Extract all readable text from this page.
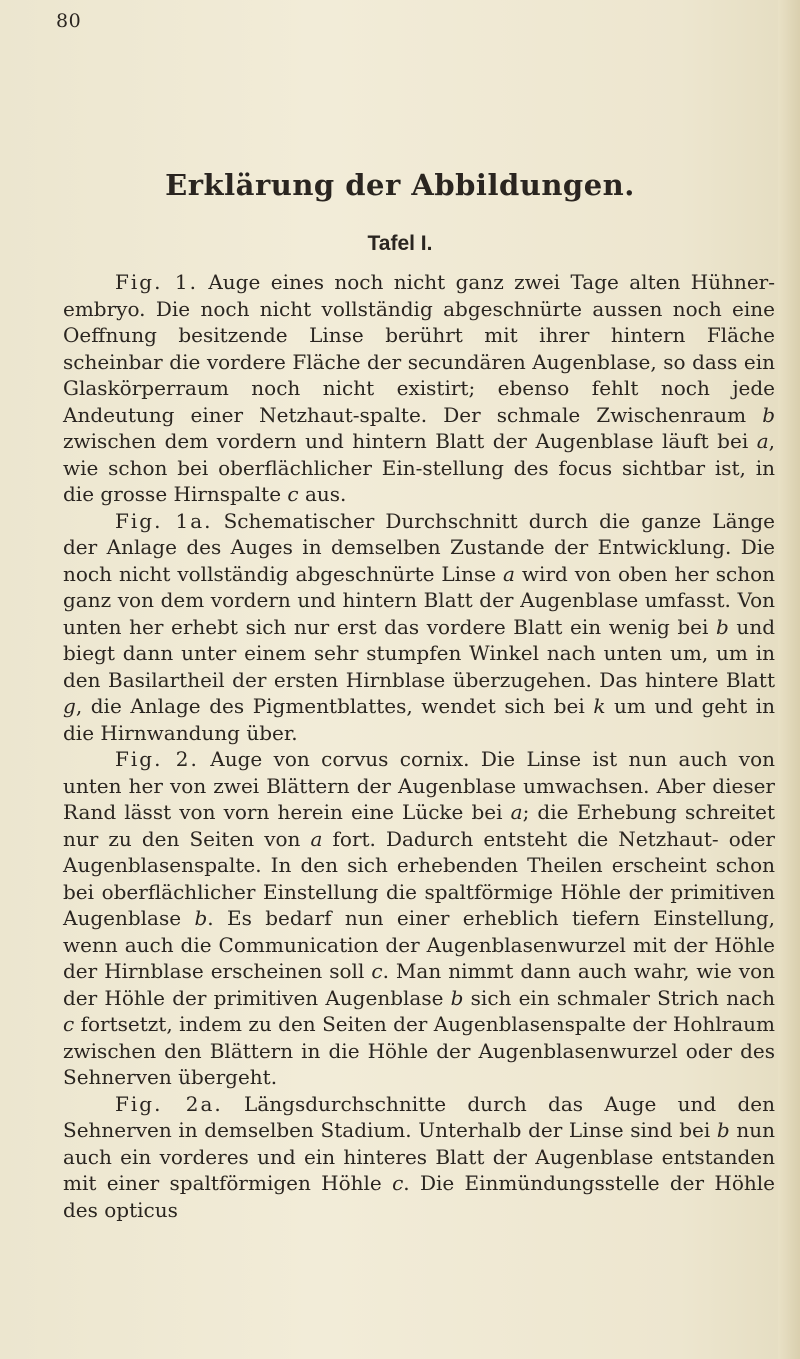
80
Erklärung der Abbildungen.
Tafel I.

Fig. 1. Auge eines noch nicht ganz zwei Tage alten Hühner-embryo. Die noch nicht vollständig abgeschnürte aussen noch eine Oeffnung besitzende Linse berührt mit ihrer hintern Fläche scheinbar die vordere Fläche der secundären Augenblase, so dass ein Glaskörperraum noch nicht existirt; ebenso fehlt noch jede Andeutung einer Netzhaut-spalte. Der schmale Zwischenraum b zwischen dem vordern und hintern Blatt der Augenblase läuft bei a, wie schon bei oberflächlicher Ein-stellung des focus sichtbar ist, in die grosse Hirnspalte c aus.

Fig. 1a. Schematischer Durchschnitt durch die ganze Länge der Anlage des Auges in demselben Zustande der Entwicklung. Die noch nicht vollständig abgeschnürte Linse a wird von oben her schon ganz von dem vordern und hintern Blatt der Augenblase umfasst. Von unten her erhebt sich nur erst das vordere Blatt ein wenig bei b und biegt dann unter einem sehr stumpfen Winkel nach unten um, um in den Basilartheil der ersten Hirnblase überzugehen. Das hintere Blatt g, die Anlage des Pigmentblattes, wendet sich bei k um und geht in die Hirnwandung über.

Fig. 2. Auge von corvus cornix. Die Linse ist nun auch von unten her von zwei Blättern der Augenblase umwachsen. Aber dieser Rand lässt von vorn herein eine Lücke bei a; die Erhebung schreitet nur zu den Seiten von a fort. Dadurch entsteht die Netzhaut- oder Augenblasenspalte. In den sich erhebenden Theilen erscheint schon bei oberflächlicher Einstellung die spaltförmige Höhle der primitiven Augenblase b. Es bedarf nun einer erheblich tiefern Einstellung, wenn auch die Communication der Augenblasenwurzel mit der Höhle der Hirnblase erscheinen soll c. Man nimmt dann auch wahr, wie von der Höhle der primitiven Augenblase b sich ein schmaler Strich nach c fortsetzt, indem zu den Seiten der Augenblasenspalte der Hohlraum zwischen den Blättern in die Höhle der Augenblasenwurzel oder des Sehnerven übergeht.

Fig. 2a. Längsdurchschnitte durch das Auge und den Sehnerven in demselben Stadium. Unterhalb der Linse sind bei b nun auch ein vorderes und ein hinteres Blatt der Augenblase entstanden mit einer spaltförmigen Höhle c. Die Einmündungsstelle der Höhle des opticus
